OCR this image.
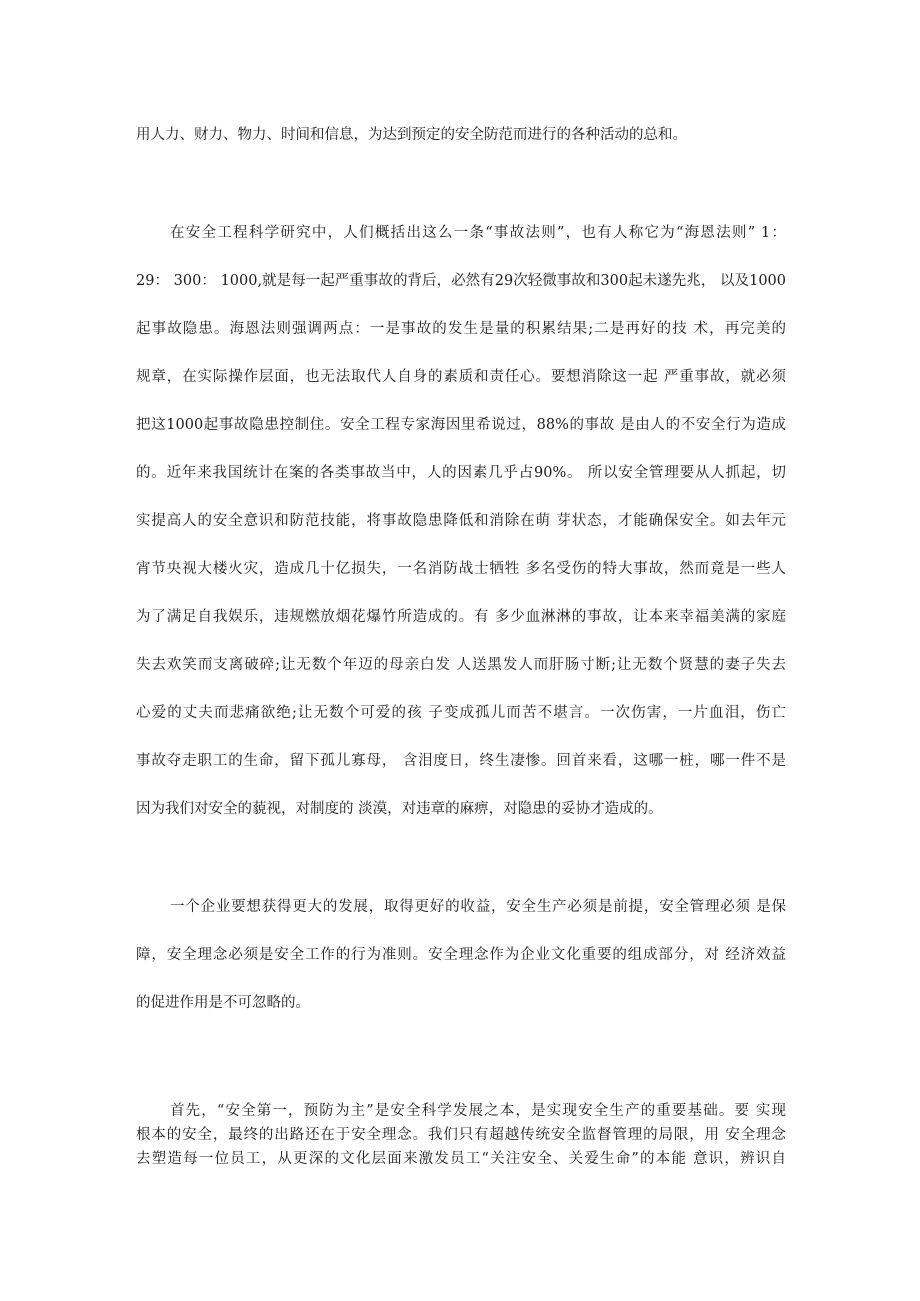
用人力、财力、物力、时间和信息，为达到预定的安全防范而进行的各种活动的总和。
在安全工程科学研究中，人们概括出这么一条“事故法则”，也有人称它为“海恩法则” 1：
29： 300： 1000,就是每一起严重事故的背后，必然有29次轻微事故和300起未遂先兆， 以及1000
起事故隐患。海恩法则强调两点：一是事故的发生是量的积累结果;二是再好的技 术，再完美的
规章，在实际操作层面，也无法取代人自身的素质和责任心。要想消除这一起 严重事故，就必须
把这1000起事故隐患控制住。安全工程专家海因里希说过，88%的事故 是由人的不安全行为造成
的。近年来我国统计在案的各类事故当中，人的因素几乎占90%。 所以安全管理要从人抓起，切
实提高人的安全意识和防范技能，将事故隐患降低和消除在萌 芽状态，才能确保安全。如去年元
宵节央视大楼火灾，造成几十亿损失，一名消防战士牺牲 多名受伤的特大事故，然而竟是一些人
为了满足自我娱乐，违规燃放烟花爆竹所造成的。有 多少血淋淋的事故，让本来幸福美满的家庭
失去欢笑而支离破碎;让无数个年迈的母亲白发 人送黑发人而肝肠寸断;让无数个贤慧的妻子失去
心爱的丈夫而悲痛欲绝;让无数个可爱的孩 子变成孤儿而苦不堪言。一次伤害，一片血泪，伤亡
事故夺走职工的生命，留下孤儿寡母， 含泪度日，终生凄惨。回首来看，这哪一桩，哪一件不是
因为我们对安全的藐视，对制度的 淡漠，对违章的麻痹，对隐患的妥协才造成的。
一个企业要想获得更大的发展，取得更好的收益，安全生产必须是前提，安全管理必须 是保
障，安全理念必须是安全工作的行为准则。安全理念作为企业文化重要的组成部分，对 经济效益
的促进作用是不可忽略的。
首先，“安全第一，预防为主”是安全科学发展之本，是实现安全生产的重要基础。要 实现
根本的安全，最终的出路还在于安全理念。我们只有超越传统安全监督管理的局限，用 安全理念
去塑造每一位员工，从更深的文化层面来激发员工“关注安全、关爱生命”的本能 意识，辨识自
